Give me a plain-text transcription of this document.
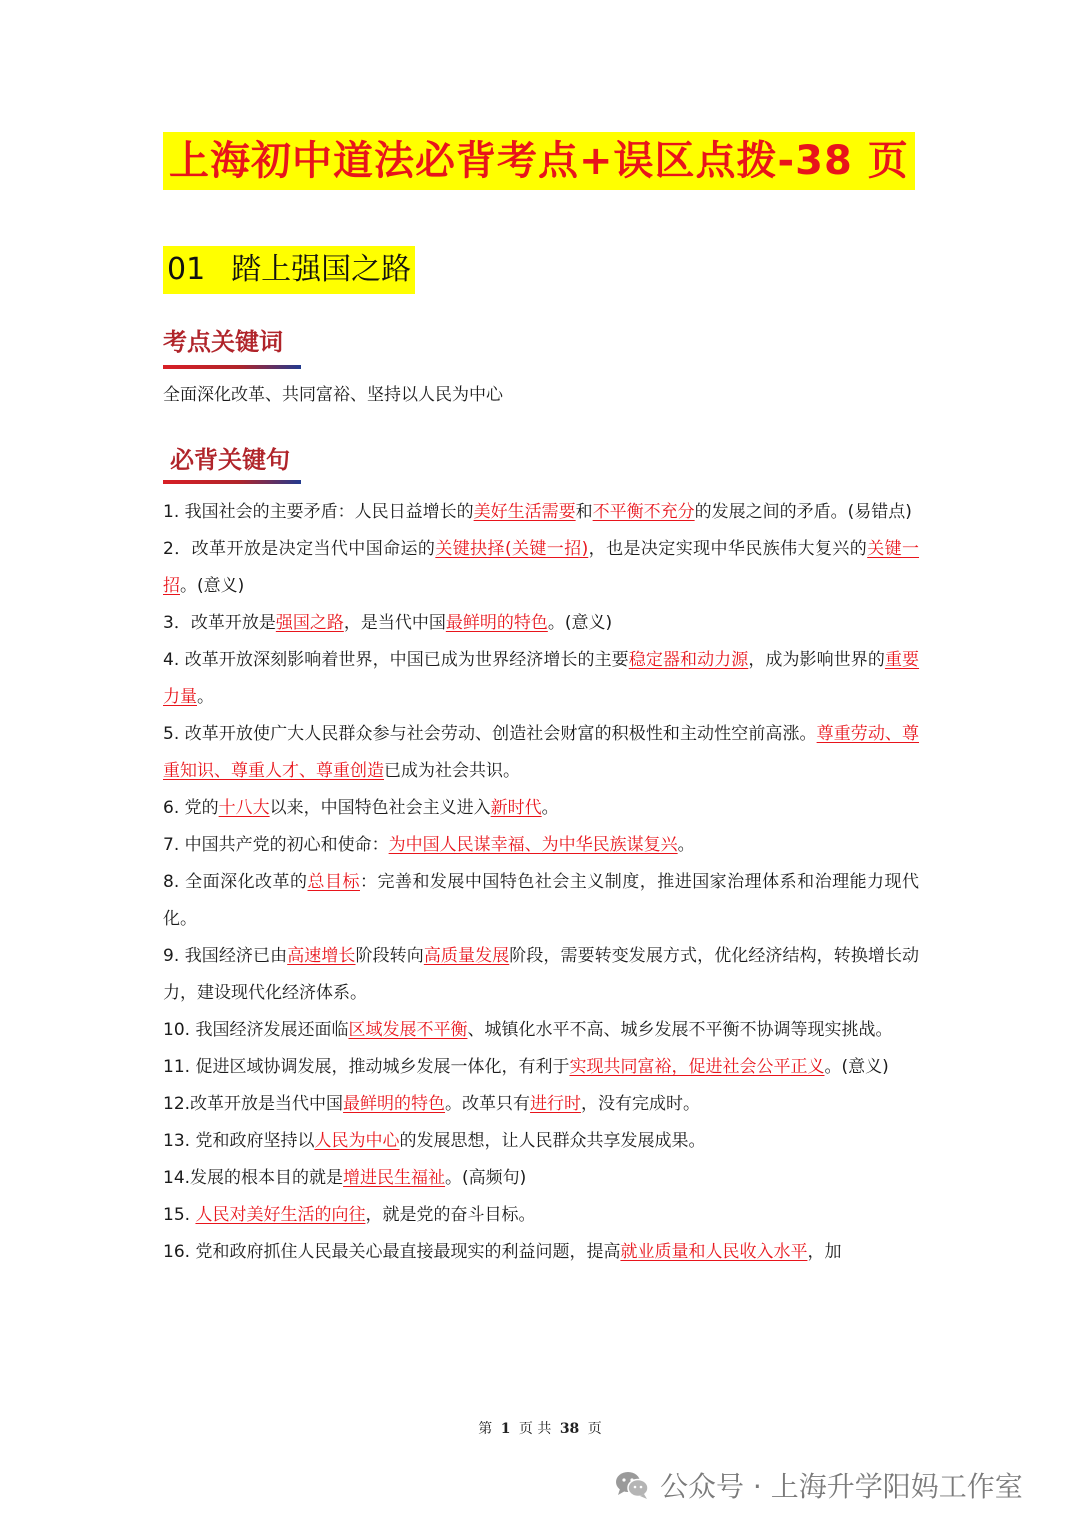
上海初中道法必背考点+误区点拨-38 页
01 踏上强国之路
考点关键词
全面深化改革、共同富裕、坚持以人民为中心
必背关键句
1. 我国社会的主要矛盾：人民日益增长的美好生活需要和不平衡不充分的发展之间的矛盾。(易错点)
2．改革开放是决定当代中国命运的关键抉择(关键一招)，也是决定实现中华民族伟大复兴的关键一招。(意义)
3．改革开放是强国之路，是当代中国最鲜明的特色。(意义)
4. 改革开放深刻影响着世界，中国已成为世界经济增长的主要稳定器和动力源，成为影响世界的重要力量。
5. 改革开放使广大人民群众参与社会劳动、创造社会财富的积极性和主动性空前高涨。尊重劳动、尊重知识、尊重人才、尊重创造已成为社会共识。
6. 党的十八大以来，中国特色社会主义进入新时代。
7. 中国共产党的初心和使命：为中国人民谋幸福、为中华民族谋复兴。
8. 全面深化改革的总目标：完善和发展中国特色社会主义制度，推进国家治理体系和治理能力现代化。
9. 我国经济已由高速增长阶段转向高质量发展阶段，需要转变发展方式，优化经济结构，转换增长动力，建设现代化经济体系。
10. 我国经济发展还面临区域发展不平衡、城镇化水平不高、城乡发展不平衡不协调等现实挑战。
11. 促进区域协调发展，推动城乡发展一体化，有利于实现共同富裕，促进社会公平正义。(意义)
12.改革开放是当代中国最鲜明的特色。改革只有进行时，没有完成时。
13. 党和政府坚持以人民为中心的发展思想，让人民群众共享发展成果。
14.发展的根本目的就是增进民生福祉。(高频句)
15. 人民对美好生活的向往，就是党的奋斗目标。
16. 党和政府抓住人民最关心最直接最现实的利益问题，提高就业质量和人民收入水平，加
第 1 页 共 38 页
公众号 · 上海升学阳妈工作室
